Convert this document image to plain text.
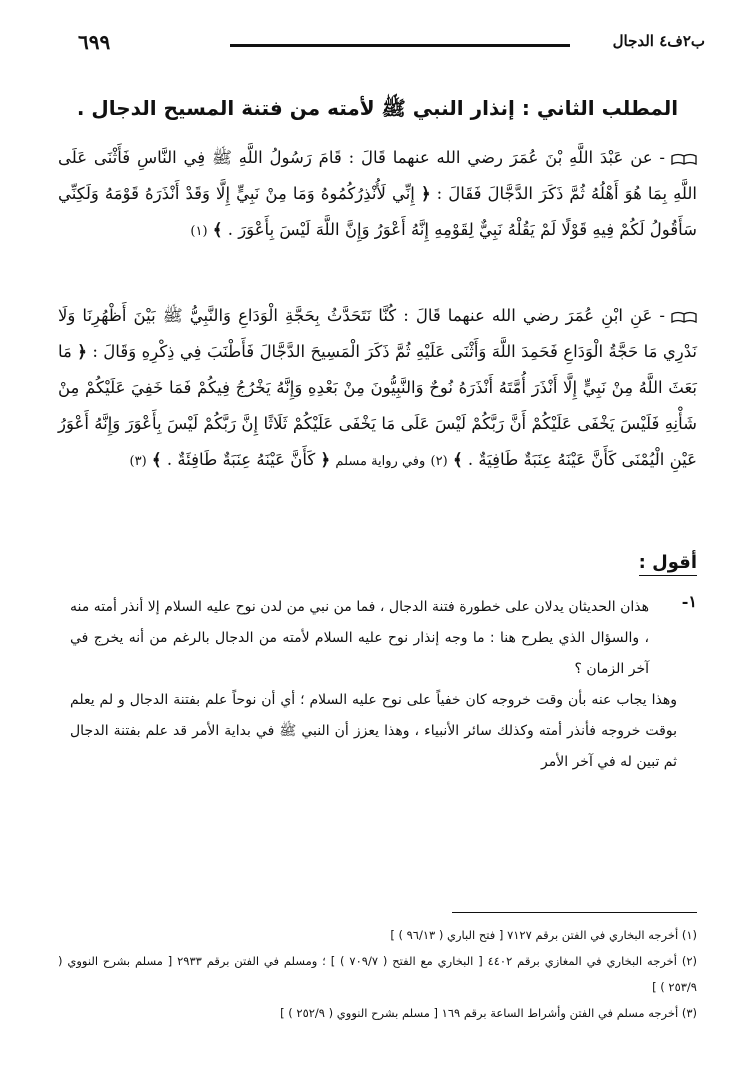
٦٩٩	ب٢ف٤ الدجال
المطلب الثاني : إنذار النبي ﷺ لأمته من فتنة المسيح الدجال .
- عن عَبْدَ اللَّهِ بْنَ عُمَرَ رضي الله عنهما قَالَ : قَامَ رَسُولُ اللَّهِ ﷺ فِي النَّاسِ فَأَثْنَى عَلَى اللَّهِ بِمَا هُوَ أَهْلُهُ ثُمَّ ذَكَرَ الدَّجَّالَ فَقَالَ : ﴿ إِنِّي لَأُنْذِرُكُمُوهُ وَمَا مِنْ نَبِيٍّ إِلَّا وَقَدْ أَنْذَرَهُ قَوْمَهُ وَلَكِنِّي سَأَقُولُ لَكُمْ فِيهِ قَوْلًا لَمْ يَقُلْهُ نَبِيٌّ لِقَوْمِهِ إِنَّهُ أَعْوَرُ وَإِنَّ اللَّهَ لَيْسَ بِأَعْوَرَ . ﴾ (١)
- عَنِ ابْنِ عُمَرَ رضي الله عنهما قَالَ : كُنَّا نَتَحَدَّثُ بِحَجَّةِ الْوَدَاعِ وَالنَّبِيُّ ﷺ بَيْنَ أَظْهُرِنَا وَلَا نَدْرِي مَا حَجَّةُ الْوَدَاعِ فَحَمِدَ اللَّهَ وَأَثْنَى عَلَيْهِ ثُمَّ ذَكَرَ الْمَسِيحَ الدَّجَّالَ فَأَطْنَبَ فِي ذِكْرِهِ وَقَالَ : ﴿ مَا بَعَثَ اللَّهُ مِنْ نَبِيٍّ إِلَّا أَنْذَرَ أُمَّتَهُ أَنْذَرَهُ نُوحٌ وَالنَّبِيُّونَ مِنْ بَعْدِهِ وَإِنَّهُ يَخْرُجُ فِيكُمْ فَمَا خَفِيَ عَلَيْكُمْ مِنْ شَأْنِهِ فَلَيْسَ يَخْفَى عَلَيْكُمْ أَنَّ رَبَّكُمْ لَيْسَ عَلَى مَا يَخْفَى عَلَيْكُمْ ثَلَاثًا إِنَّ رَبَّكُمْ لَيْسَ بِأَعْوَرَ وَإِنَّهُ أَعْوَرُ عَيْنِ الْيُمْنَى كَأَنَّ عَيْنَهُ عِنَبَةٌ طَافِيَةٌ . ﴾ (٢) وفي رواية مسلم ﴿ كَأَنَّ عَيْنَهُ عِنَبَةٌ طَافِئَةٌ . ﴾ (٣)
أقول :
١-
هذان الحديثان يدلان على خطورة فتنة الدجال ، فما من نبي من لدن نوح عليه السلام إلا أنذر أمته منه ، والسؤال الذي يطرح هنا : ما وجه إنذار نوح عليه السلام لأمته من الدجال بالرغم من أنه يخرج في آخر الزمان ؟
وهذا يجاب عنه بأن وقت خروجه كان خفياً على نوح عليه السلام ؛ أي أن نوحاً علم بفتنة الدجال و لم يعلم بوقت خروجه فأنذر أمته وكذلك سائر الأنبياء ، وهذا يعزز أن النبي ﷺ في بداية الأمر قد علم بفتنة الدجال ثم تبين له في آخر الأمر
(١) أخرجه البخاري في الفتن برقم ٧١٢٧ [ فتح الباري ( ٩٦/١٣ ) ]
(٢) أخرجه البخاري في المغازي برقم ٤٤٠٢ [ البخاري مع الفتح ( ٧٠٩/٧ ) ] ؛ ومسلم في الفتن برقم ٢٩٣٣ [ مسلم بشرح النووي ( ٢٥٣/٩ ) ]
(٣) أخرجه مسلم في الفتن وأشراط الساعة برقم ١٦٩ [ مسلم بشرح النووي ( ٢٥٢/٩ ) ]
